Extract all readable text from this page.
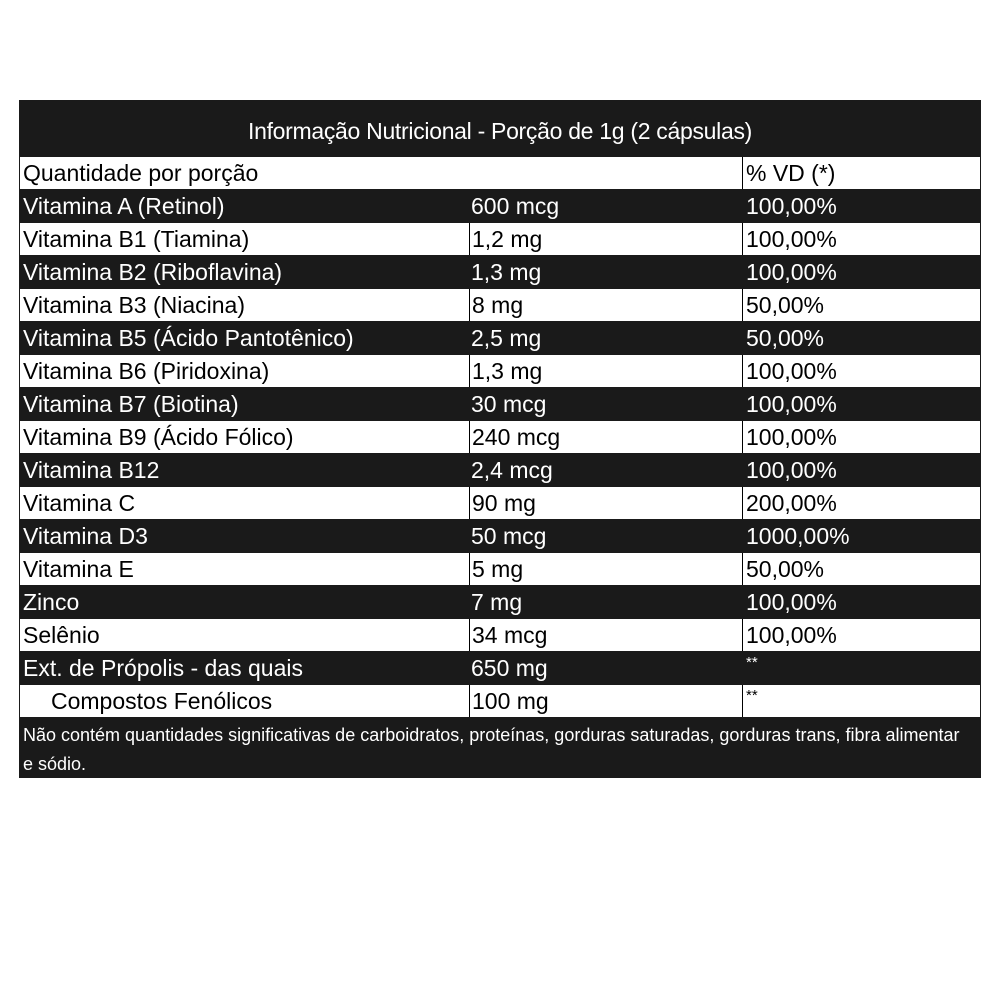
Informação Nutricional - Porção de 1g (2 cápsulas)
Quantidade por porção	% VD (*)
Vitamina A (Retinol)	600 mcg	100,00%
Vitamina B1 (Tiamina)	1,2 mg	100,00%
Vitamina B2 (Riboflavina)	1,3 mg	100,00%
Vitamina B3 (Niacina)	8 mg	50,00%
Vitamina B5 (Ácido Pantotênico)	2,5 mg	50,00%
Vitamina B6 (Piridoxina)	1,3 mg	100,00%
Vitamina B7 (Biotina)	30 mcg	100,00%
Vitamina B9 (Ácido Fólico)	240 mcg	100,00%
Vitamina B12	2,4 mcg	100,00%
Vitamina C	90 mg	200,00%
Vitamina D3	50 mcg	1000,00%
Vitamina E	5 mg	50,00%
Zinco	7 mg	100,00%
Selênio	34 mcg	100,00%
Ext. de Própolis - das quais	650 mg	**
Compostos Fenólicos	100 mg	**
Não contém quantidades significativas de carboidratos, proteínas, gorduras saturadas, gorduras trans, fibra alimentar e sódio.
